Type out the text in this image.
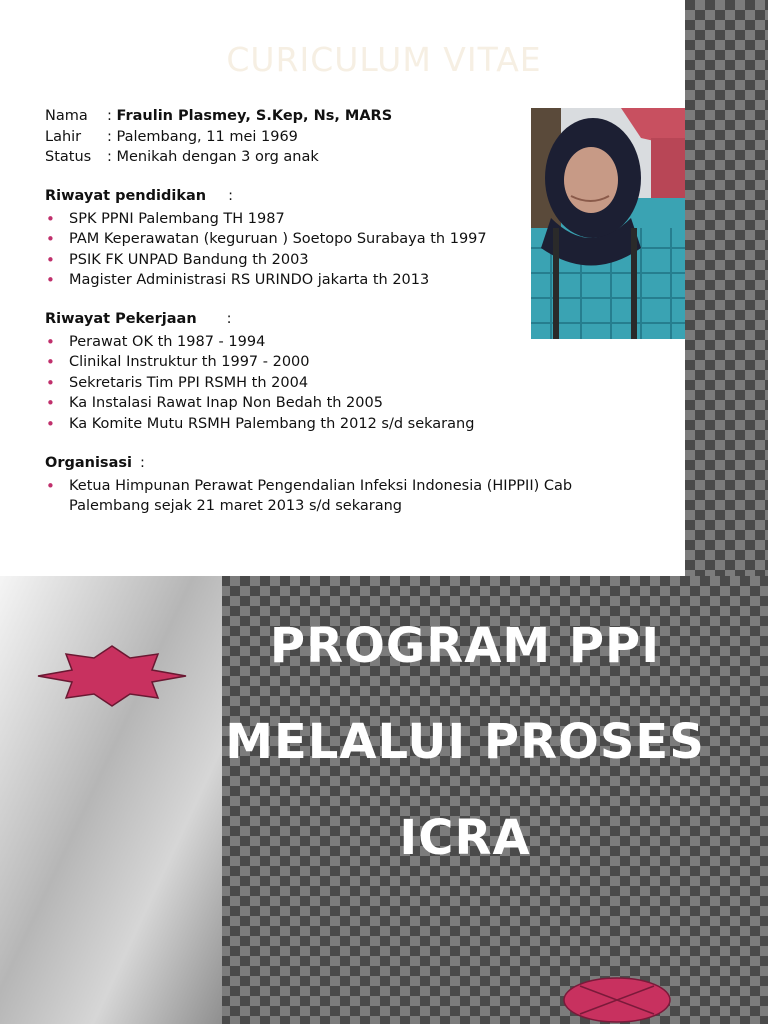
CURICULUM VITAE
Nama	: Fraulin Plasmey, S.Kep, Ns, MARS
Lahir	: Palembang, 11 mei 1969
Status	: Menikah dengan 3 org anak
Riwayat pendidikan :
• SPK PPNI Palembang TH 1987
• PAM Keperawatan (keguruan ) Soetopo Surabaya th 1997
• PSIK FK UNPAD Bandung th 2003
• Magister Administrasi RS URINDO jakarta th 2013
Riwayat Pekerjaan :
• Perawat OK th 1987 - 1994
• Clinikal Instruktur th 1997 - 2000
• Sekretaris Tim PPI RSMH th 2004
• Ka Instalasi Rawat Inap Non Bedah th 2005
• Ka Komite Mutu RSMH Palembang th 2012 s/d sekarang
Organisasi :
• Ketua Himpunan Perawat Pengendalian Infeksi Indonesia (HIPPII) Cab
Palembang sejak 21 maret 2013 s/d sekarang
PROGRAM PPI
MELALUI PROSES
ICRA
